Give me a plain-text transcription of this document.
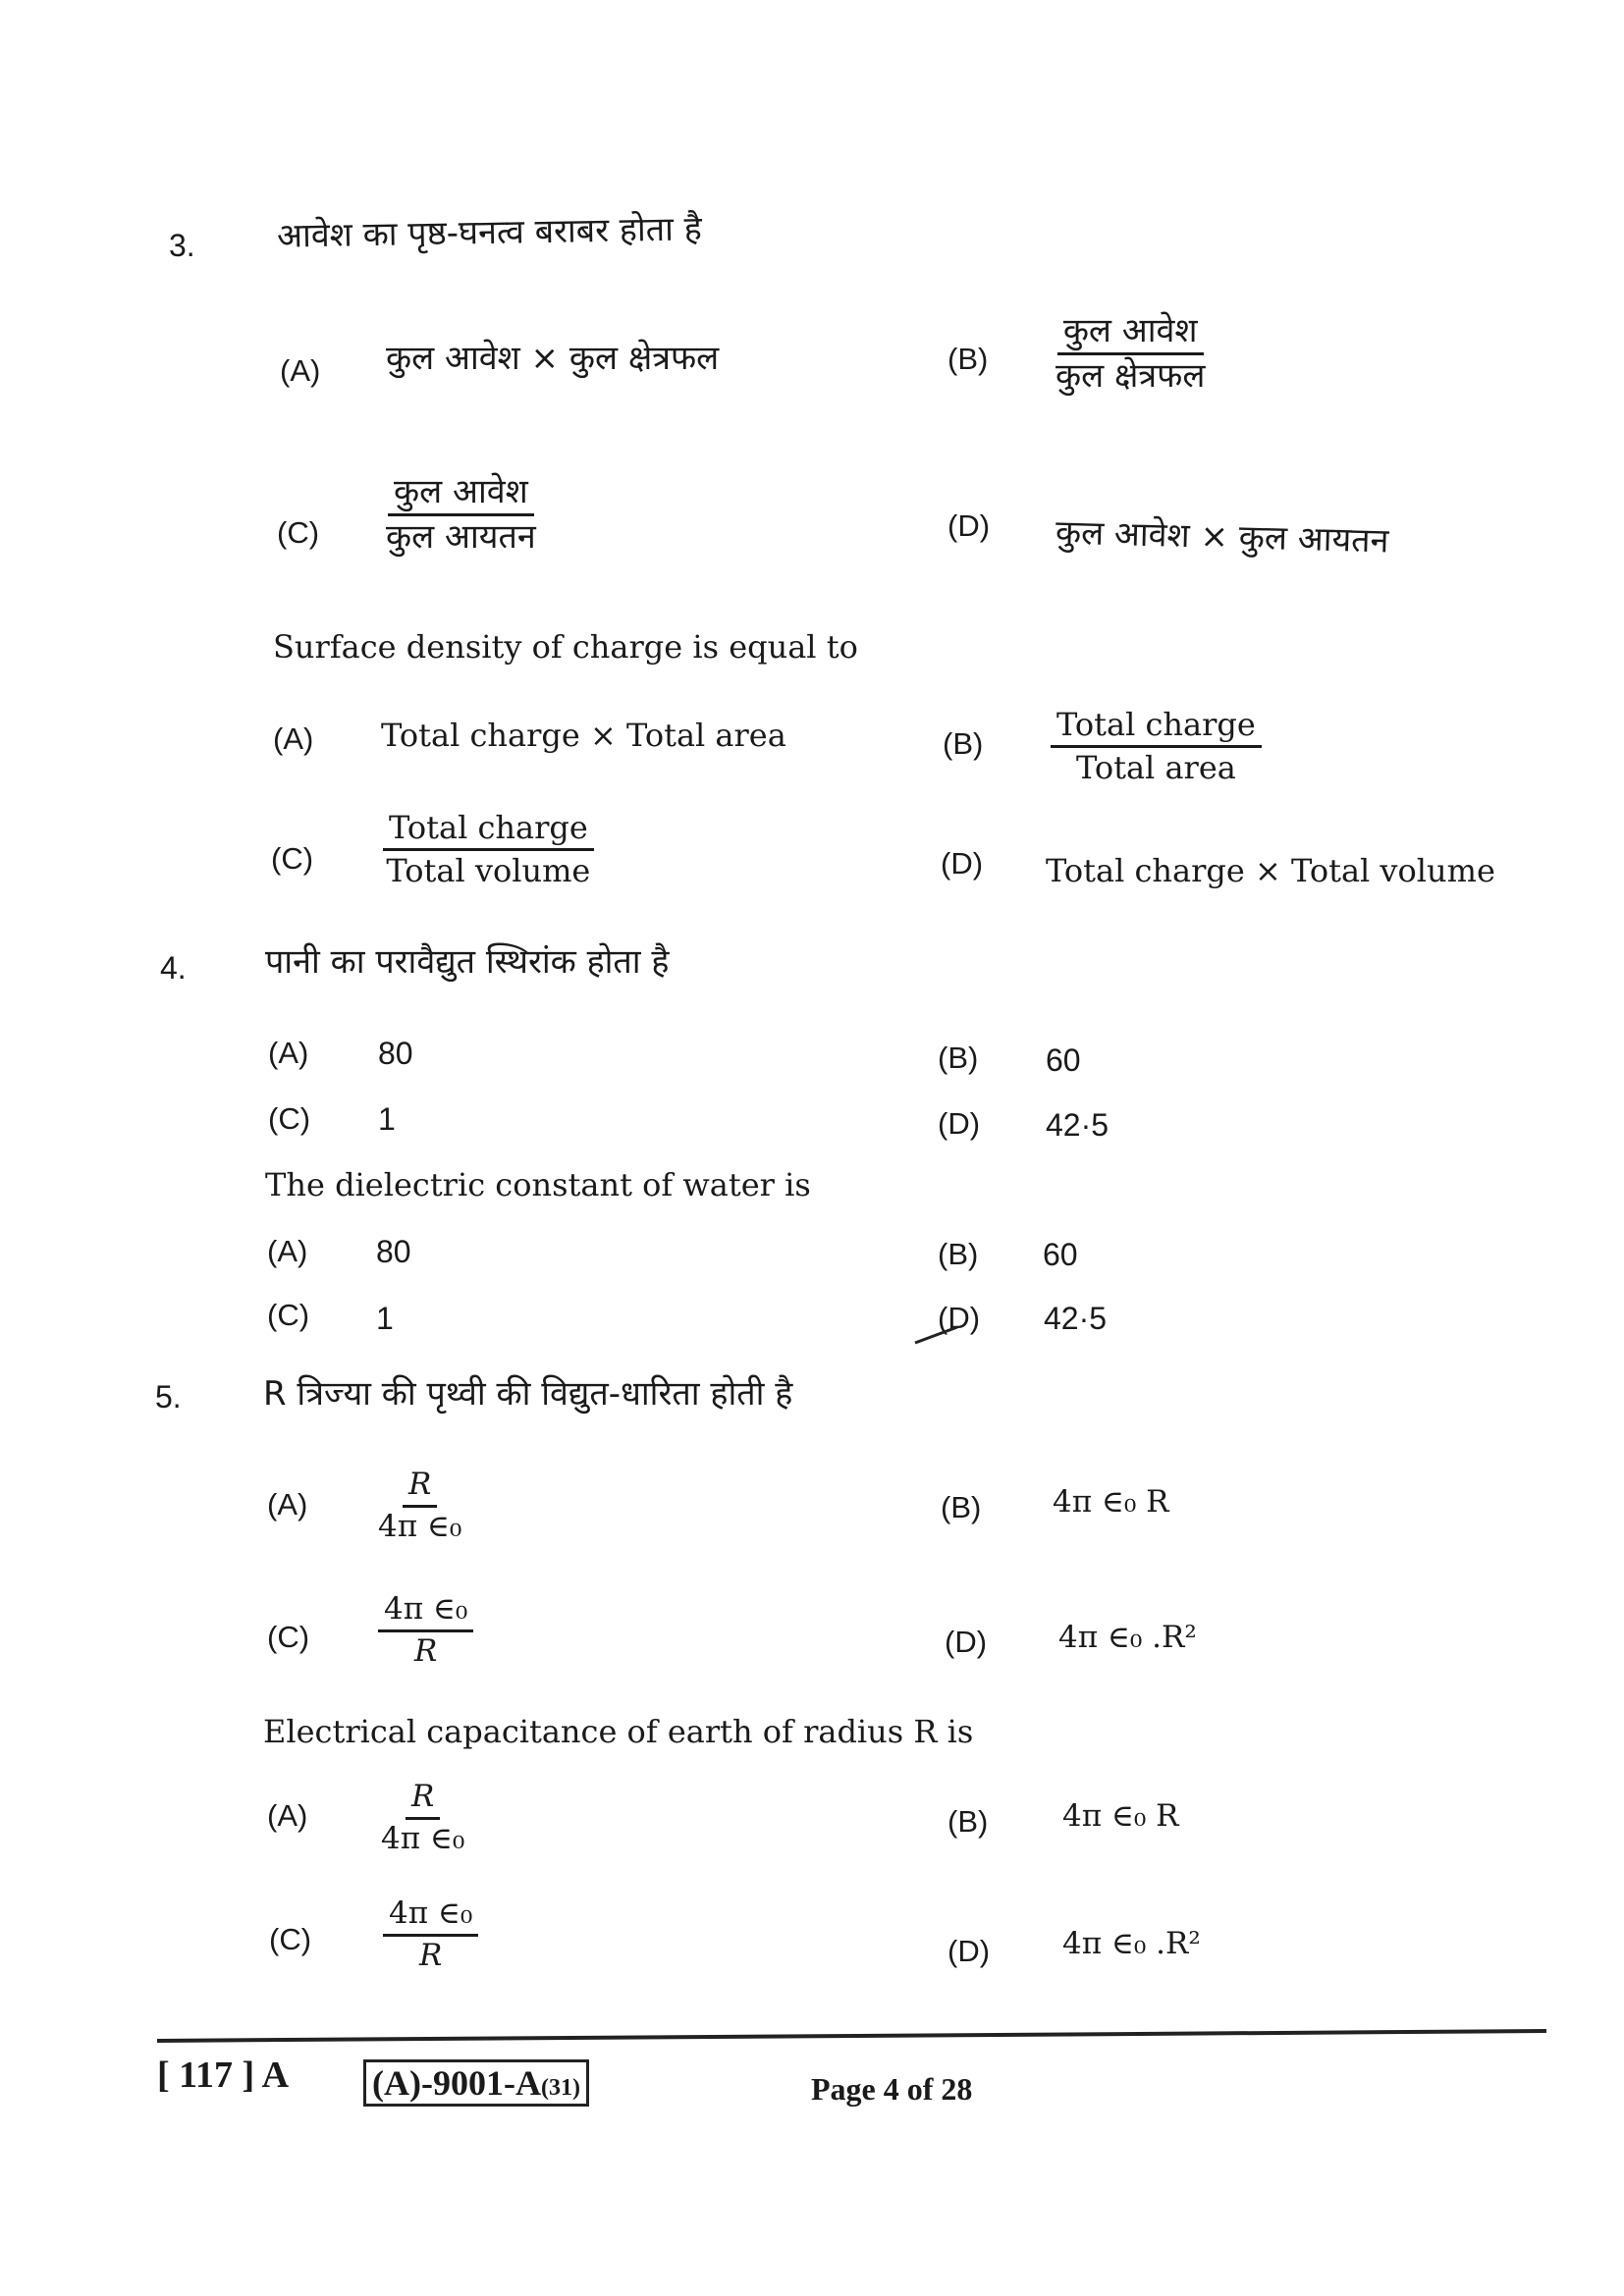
3. आवेश का पृष्ठ-घनत्व बराबर होता है
(A) कुल आवेश × कुल क्षेत्रफल	(B)
कुल आवेश
कुल क्षेत्रफल
(C)
कुल आवेश
कुल आयतन	(D) कुल आवेश × कुल आयतन
Surface density of charge is equal to
(A) Total charge × Total area	(B)
Total charge
Total area
(C)
Total charge
Total volume	(D) Total charge × Total volume
4. पानी का परावैद्युत स्थिरांक होता है
(A) 80	(B) 60
(C) 1	(D) 42·5
The dielectric constant of water is
(A) 80	(B) 60
(C) 1	(D) 42·5
5. R त्रिज्या की पृथ्वी की विद्युत-धारिता होती है
$(A) \frac{R}{\text{4π ∈₀}}$	(B) 4π ∈₀ R
$(C) \frac{\text{4π ∈₀}}{R}$	(D) 4π ∈₀ .R²
Electrical capacitance of earth of radius R is
$(A) \frac{R}{\text{4π ∈₀}}$	(B) 4π ∈₀ R
$(C) \frac{\text{4π ∈₀}}{R}$	(D) 4π ∈₀ .R²
[ 117 ] A (A)-9001-A(31)	Page 4 of 28
